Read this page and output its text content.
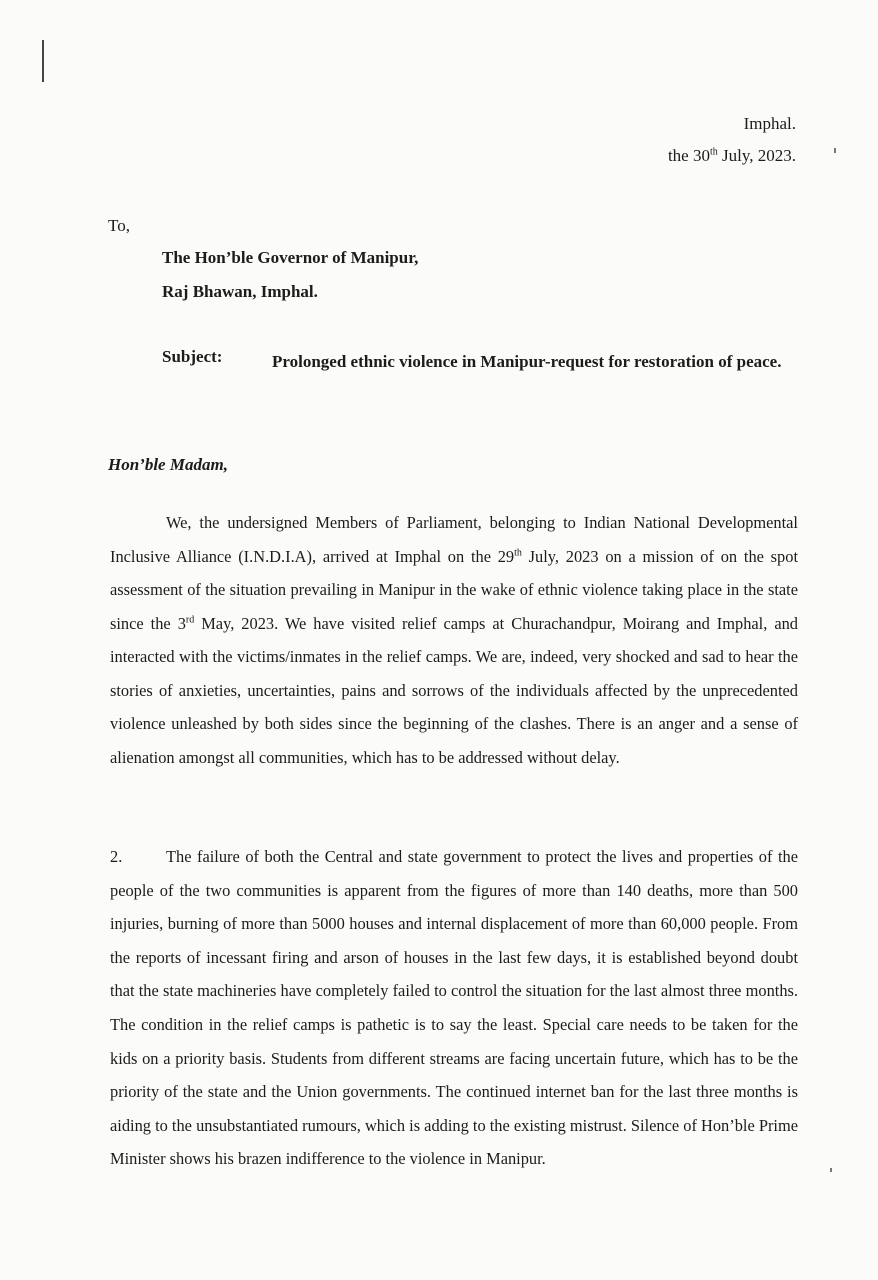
Imphal.
the 30th July, 2023.
To,
The Hon’ble Governor of Manipur,
Raj Bhawan, Imphal.
Subject:	Prolonged ethnic violence in Manipur-request for restoration of peace.

Hon’ble Madam,

We, the undersigned Members of Parliament, belonging to Indian National Developmental Inclusive Alliance (I.N.D.I.A), arrived at Imphal on the 29th July, 2023 on a mission of on the spot assessment of the situation prevailing in Manipur in the wake of ethnic violence taking place in the state since the 3rd May, 2023. We have visited relief camps at Churachandpur, Moirang and Imphal, and interacted with the victims/inmates in the relief camps. We are, indeed, very shocked and sad to hear the stories of anxieties, uncertainties, pains and sorrows of the individuals affected by the unprecedented violence unleashed by both sides since the beginning of the clashes. There is an anger and a sense of alienation amongst all communities, which has to be addressed without delay.

2.	The failure of both the Central and state government to protect the lives and properties of the people of the two communities is apparent from the figures of more than 140 deaths, more than 500 injuries, burning of more than 5000 houses and internal displacement of more than 60,000 people. From the reports of incessant firing and arson of houses in the last few days, it is established beyond doubt that the state machineries have completely failed to control the situation for the last almost three months. The condition in the relief camps is pathetic is to say the least. Special care needs to be taken for the kids on a priority basis. Students from different streams are facing uncertain future, which has to be the priority of the state and the Union governments. The continued internet ban for the last three months is aiding to the unsubstantiated rumours, which is adding to the existing mistrust. Silence of Hon’ble Prime Minister shows his brazen indifference to the violence in Manipur.
